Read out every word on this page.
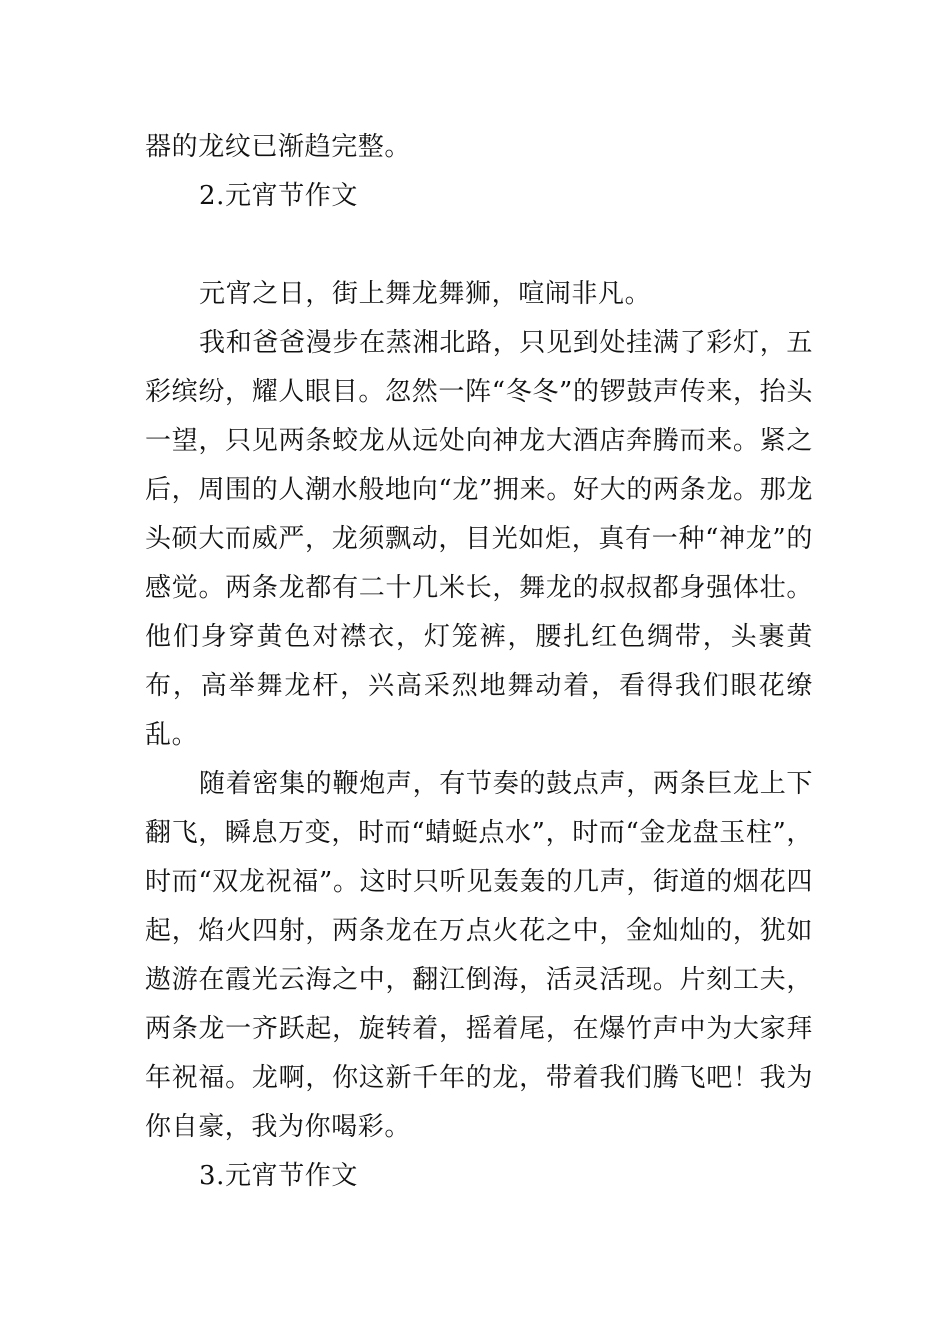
器的龙纹已渐趋完整。

2.元宵节作文

元宵之日，街上舞龙舞狮，喧闹非凡。

我和爸爸漫步在蒸湘北路，只见到处挂满了彩灯，五彩缤纷，耀人眼目。忽然一阵“冬冬”的锣鼓声传来，抬头一望，只见两条蛟龙从远处向神龙大酒店奔腾而来。紧之后，周围的人潮水般地向“龙”拥来。好大的两条龙。那龙头硕大而威严，龙须飘动，目光如炬，真有一种“神龙”的感觉。两条龙都有二十几米长，舞龙的叔叔都身强体壮。他们身穿黄色对襟衣，灯笼裤，腰扎红色绸带，头裹黄布，高举舞龙杆，兴高采烈地舞动着，看得我们眼花缭乱。

随着密集的鞭炮声，有节奏的鼓点声，两条巨龙上下翻飞，瞬息万变，时而“蜻蜓点水”，时而“金龙盘玉柱”，时而“双龙祝福”。这时只听见轰轰的几声，街道的烟花四起，焰火四射，两条龙在万点火花之中，金灿灿的，犹如遨游在霞光云海之中，翻江倒海，活灵活现。片刻工夫，两条龙一齐跃起，旋转着，摇着尾，在爆竹声中为大家拜年祝福。龙啊，你这新千年的龙，带着我们腾飞吧！我为你自豪，我为你喝彩。

3.元宵节作文
